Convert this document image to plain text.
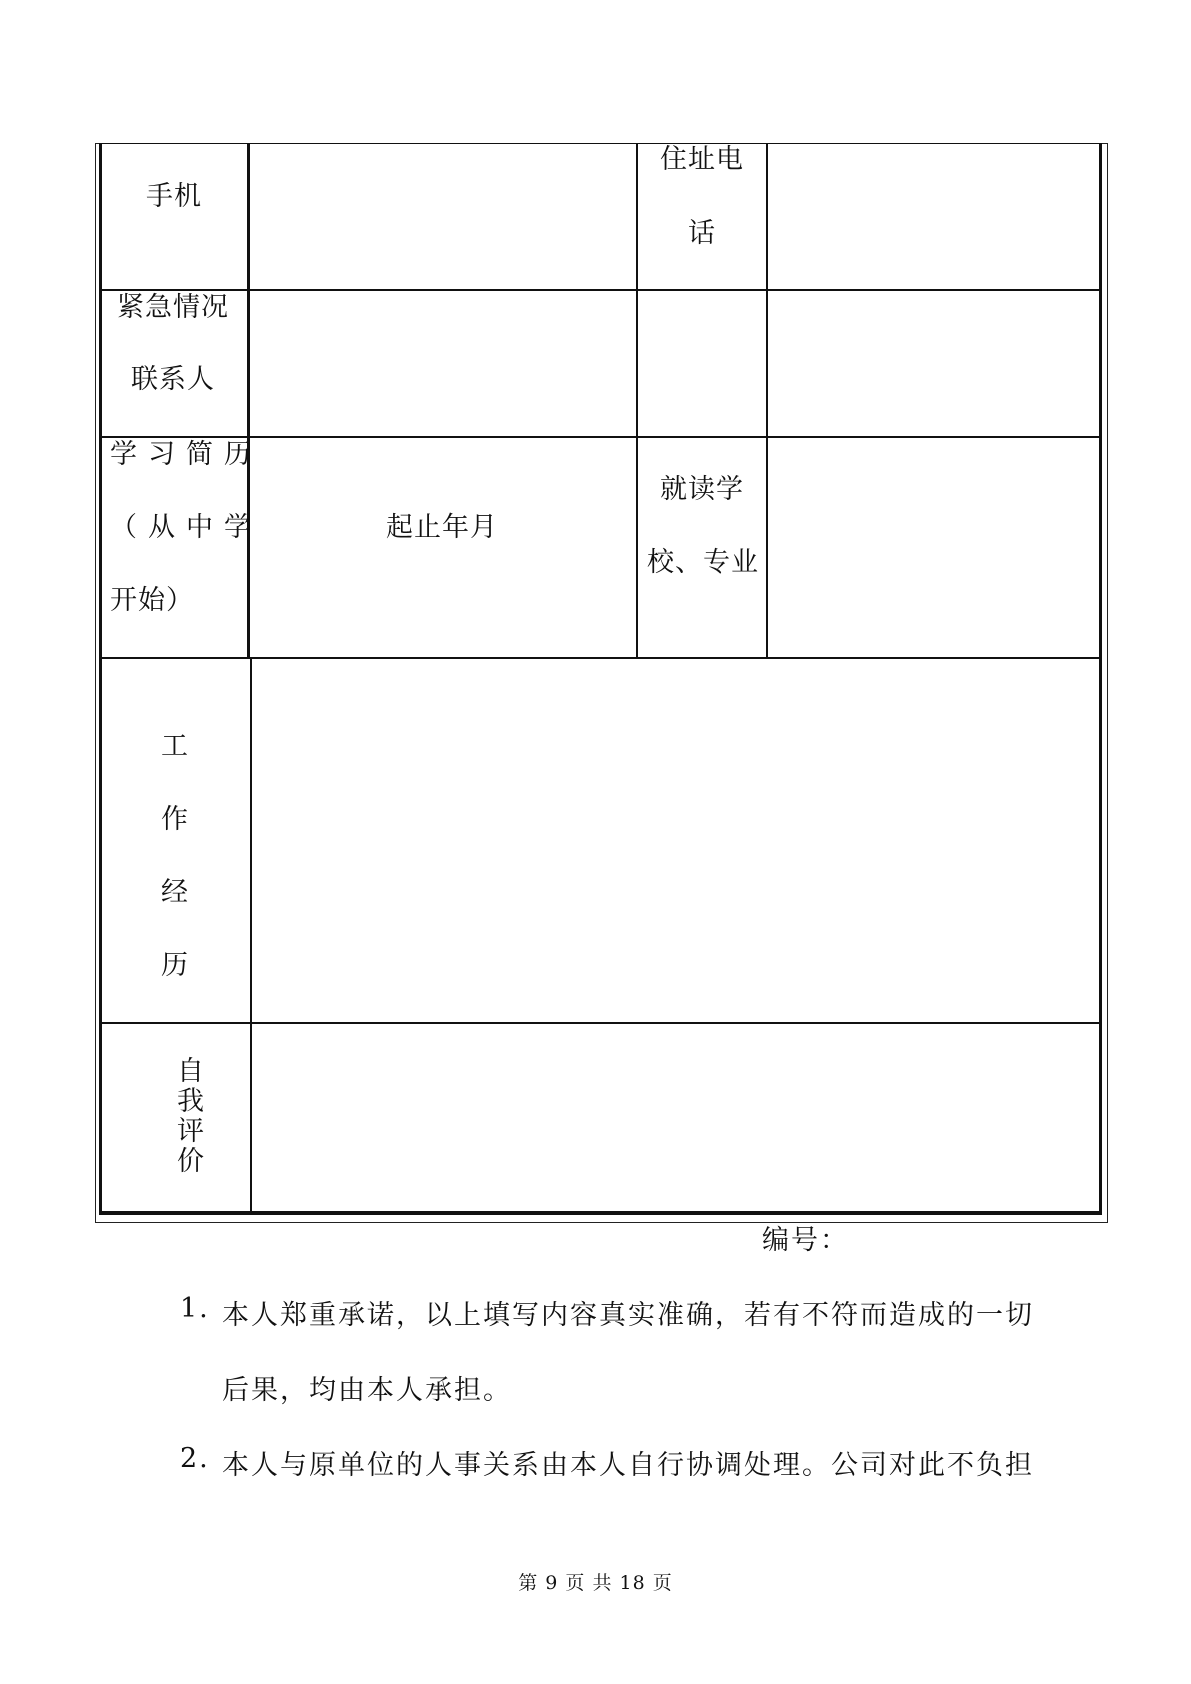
手机
住址电
话
紧急情况
联系人
学习简历
（从中学
开始）
起止年月
就读学
校、专业
工
作
经
历
自
我
评
价
编号：
1. 本人郑重承诺，以上填写内容真实准确，若有不符而造成的一切
后果，均由本人承担。
2. 本人与原单位的人事关系由本人自行协调处理。公司对此不负担
第 9 页 共 18 页
